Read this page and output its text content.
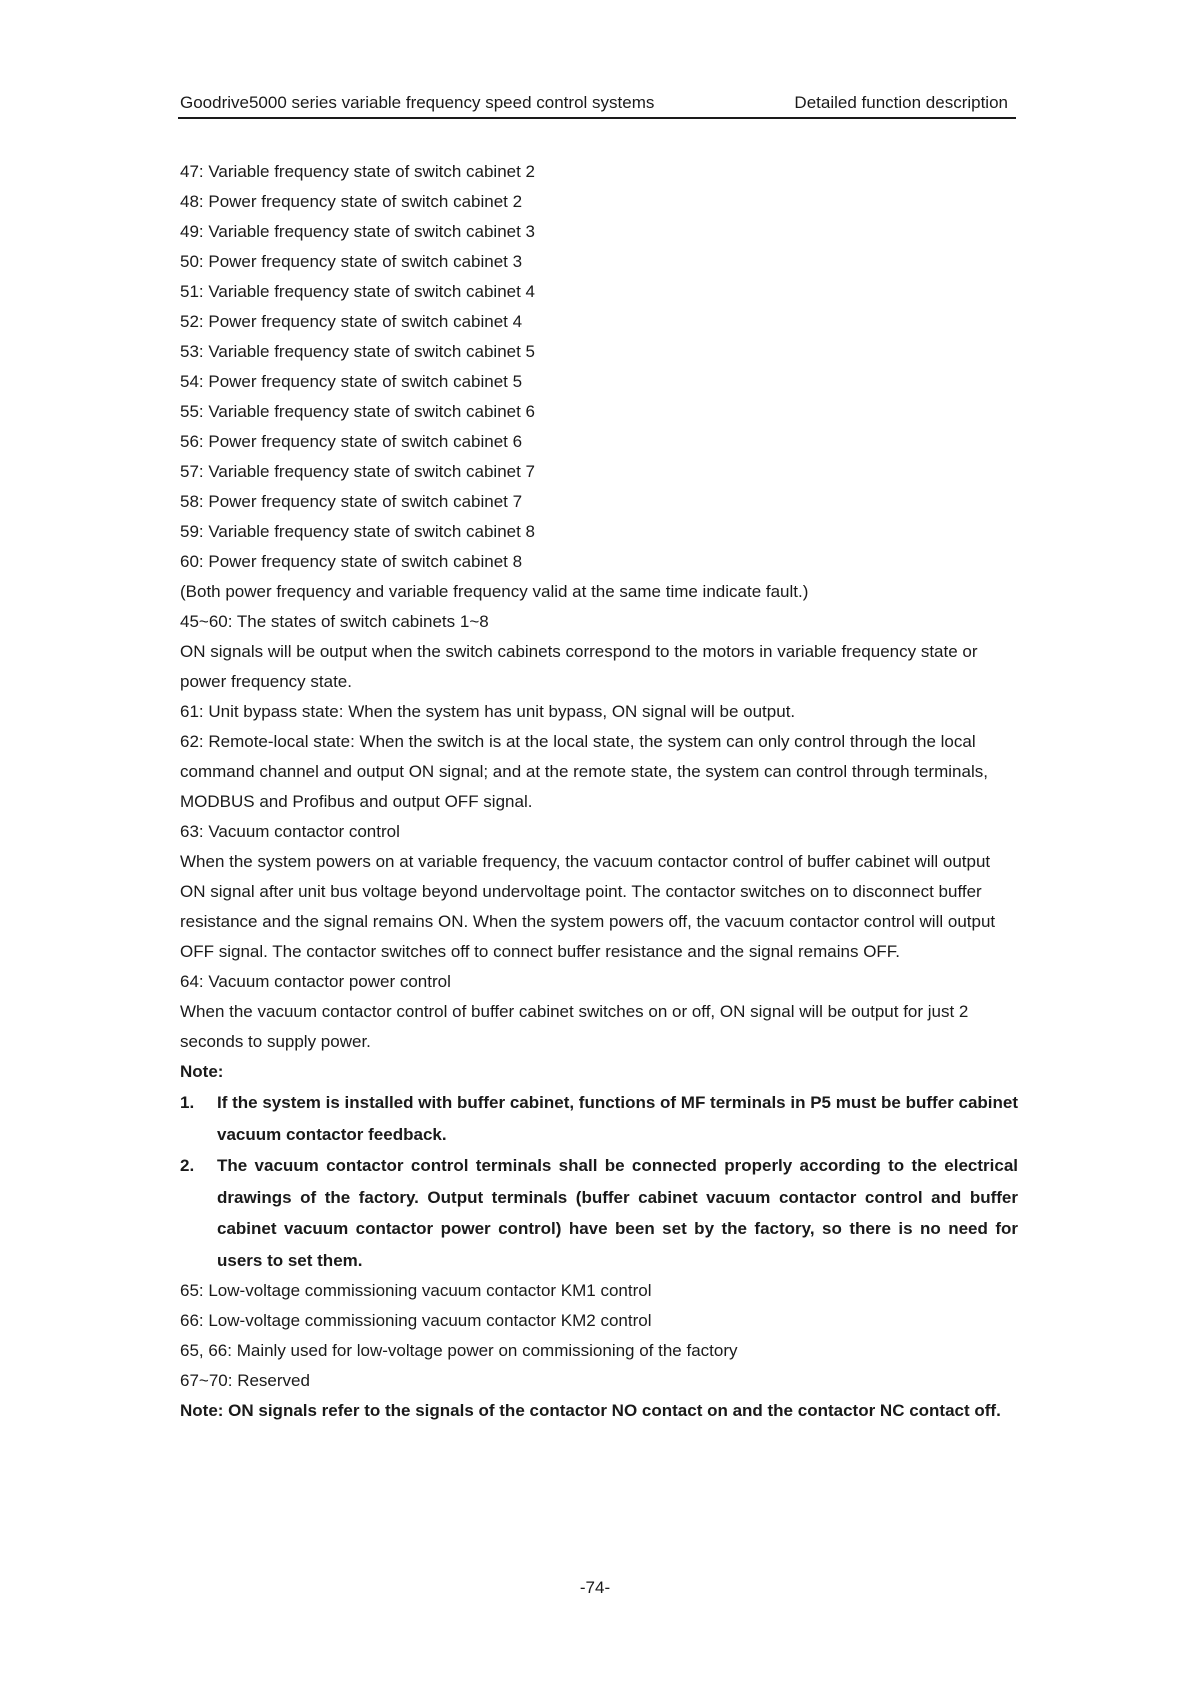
Goodrive5000 series variable frequency speed control systems	Detailed function description

47: Variable frequency state of switch cabinet 2

48: Power frequency state of switch cabinet 2

49: Variable frequency state of switch cabinet 3

50: Power frequency state of switch cabinet 3

51: Variable frequency state of switch cabinet 4

52: Power frequency state of switch cabinet 4

53: Variable frequency state of switch cabinet 5

54: Power frequency state of switch cabinet 5

55: Variable frequency state of switch cabinet 6

56: Power frequency state of switch cabinet 6

57: Variable frequency state of switch cabinet 7

58: Power frequency state of switch cabinet 7

59: Variable frequency state of switch cabinet 8

60: Power frequency state of switch cabinet 8

(Both power frequency and variable frequency valid at the same time indicate fault.)

45~60: The states of switch cabinets 1~8

ON signals will be output when the switch cabinets correspond to the motors in variable frequency state or power frequency state.

61: Unit bypass state: When the system has unit bypass, ON signal will be output.

62: Remote-local state: When the switch is at the local state, the system can only control through the local command channel and output ON signal; and at the remote state, the system can control through terminals, MODBUS and Profibus and output OFF signal.

63: Vacuum contactor control

When the system powers on at variable frequency, the vacuum contactor control of buffer cabinet will output ON signal after unit bus voltage beyond undervoltage point. The contactor switches on to disconnect buffer resistance and the signal remains ON. When the system powers off, the vacuum contactor control will output OFF signal. The contactor switches off to connect buffer resistance and the signal remains OFF.

64: Vacuum contactor power control

When the vacuum contactor control of buffer cabinet switches on or off, ON signal will be output for just 2 seconds to supply power.

Note:

1. If the system is installed with buffer cabinet, functions of MF terminals in P5 must be buffer cabinet vacuum contactor feedback.
2. The vacuum contactor control terminals shall be connected properly according to the electrical drawings of the factory. Output terminals (buffer cabinet vacuum contactor control and buffer cabinet vacuum contactor power control) have been set by the factory, so there is no need for users to set them.

65: Low-voltage commissioning vacuum contactor KM1 control

66: Low-voltage commissioning vacuum contactor KM2 control

65, 66: Mainly used for low-voltage power on commissioning of the factory

67~70: Reserved

Note: ON signals refer to the signals of the contactor NO contact on and the contactor NC contact off.

-74-
